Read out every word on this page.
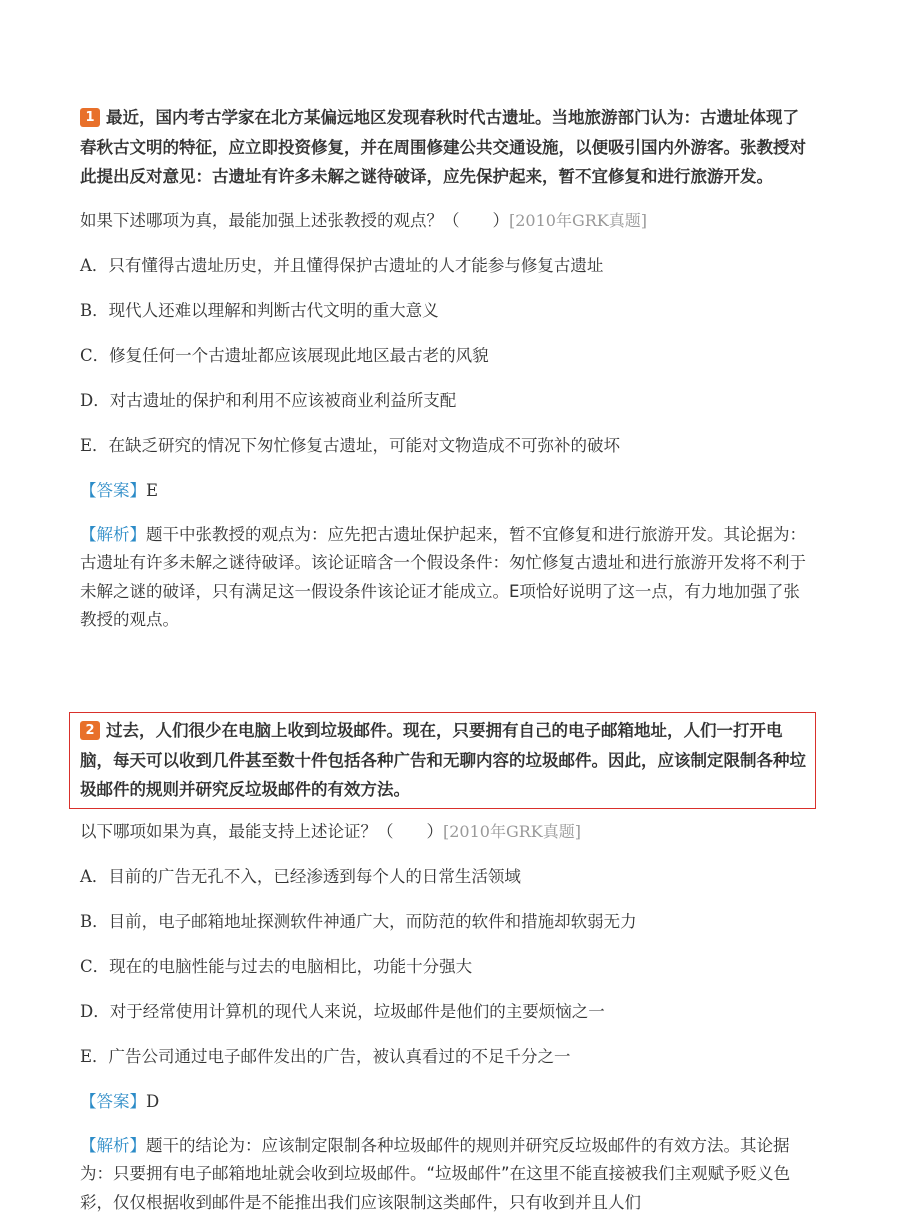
1 最近，国内考古学家在北方某偏远地区发现春秋时代古遗址。当地旅游部门认为：古遗址体现了春秋古文明的特征，应立即投资修复，并在周围修建公共交通设施，以便吸引国内外游客。张教授对此提出反对意见：古遗址有许多未解之谜待破译，应先保护起来，暂不宜修复和进行旅游开发。
如果下述哪项为真，最能加强上述张教授的观点？（　　）[2010年GRK真题]
A．只有懂得古遗址历史，并且懂得保护古遗址的人才能参与修复古遗址
B．现代人还难以理解和判断古代文明的重大意义
C．修复任何一个古遗址都应该展现此地区最古老的风貌
D．对古遗址的保护和利用不应该被商业利益所支配
E．在缺乏研究的情况下匆忙修复古遗址，可能对文物造成不可弥补的破坏
【答案】E
【解析】题干中张教授的观点为：应先把古遗址保护起来，暂不宜修复和进行旅游开发。其论据为：古遗址有许多未解之谜待破译。该论证暗含一个假设条件：匆忙修复古遗址和进行旅游开发将不利于未解之谜的破译，只有满足这一假设条件该论证才能成立。E项恰好说明了这一点，有力地加强了张教授的观点。
2 过去，人们很少在电脑上收到垃圾邮件。现在，只要拥有自己的电子邮箱地址，人们一打开电脑，每天可以收到几件甚至数十件包括各种广告和无聊内容的垃圾邮件。因此，应该制定限制各种垃圾邮件的规则并研究反垃圾邮件的有效方法。
以下哪项如果为真，最能支持上述论证？（　　）[2010年GRK真题]
A．目前的广告无孔不入，已经渗透到每个人的日常生活领域
B．目前，电子邮箱地址探测软件神通广大，而防范的软件和措施却软弱无力
C．现在的电脑性能与过去的电脑相比，功能十分强大
D．对于经常使用计算机的现代人来说，垃圾邮件是他们的主要烦恼之一
E．广告公司通过电子邮件发出的广告，被认真看过的不足千分之一
【答案】D
【解析】题干的结论为：应该制定限制各种垃圾邮件的规则并研究反垃圾邮件的有效方法。其论据为：只要拥有电子邮箱地址就会收到垃圾邮件。“垃圾邮件”在这里不能直接被我们主观赋予贬义色彩，仅仅根据收到邮件是不能推出我们应该限制这类邮件，只有收到并且人们
